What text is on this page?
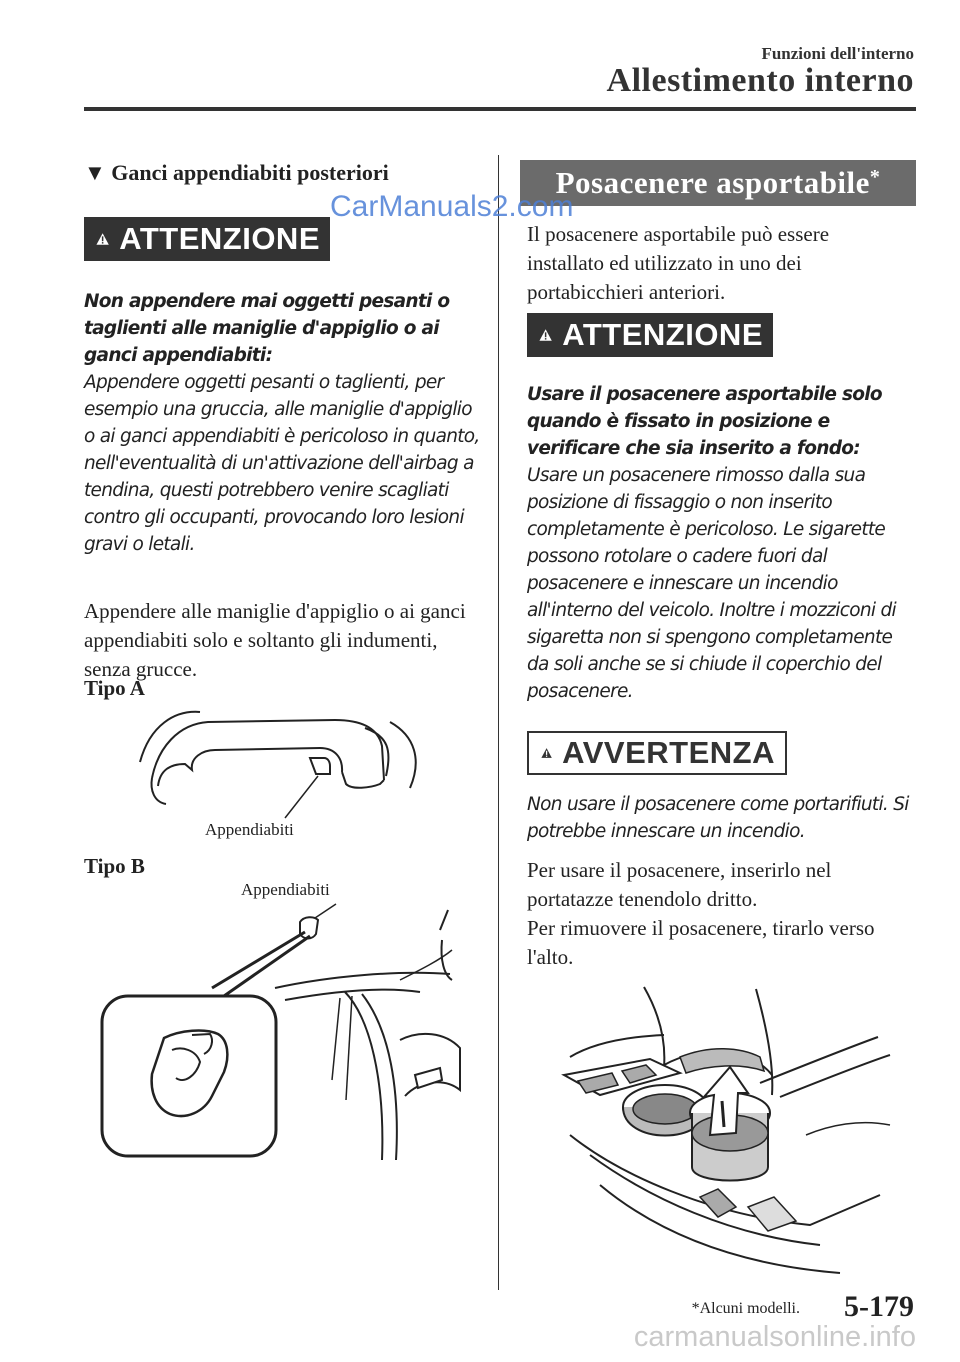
Funzioni dell'interno
Allestimento interno
▼ Ganci appendiabiti posteriori
ATTENZIONE

Non appendere mai oggetti pesanti o taglienti alle maniglie d'appiglio o ai ganci appendiabiti:

Appendere oggetti pesanti o taglienti, per esempio una gruccia, alle maniglie d'appiglio o ai ganci appendiabiti è pericoloso in quanto, nell'eventualità di un'attivazione dell'airbag a tendina, questi potrebbero venire scagliati contro gli occupanti, provocando loro lesioni gravi o letali.

Appendere alle maniglie d'appiglio o ai ganci appendiabiti solo e soltanto gli indumenti, senza grucce.
Tipo A
Appendiabiti
Tipo B
Appendiabiti
Posacenere asportabile*
Il posacenere asportabile può essere installato ed utilizzato in uno dei portabicchieri anteriori.
ATTENZIONE

Usare il posacenere asportabile solo quando è fissato in posizione e verificare che sia inserito a fondo:

Usare un posacenere rimosso dalla sua posizione di fissaggio o non inserito completamente è pericoloso. Le sigarette possono rotolare o cadere fuori dal posacenere e innescare un incendio all'interno del veicolo. Inoltre i mozziconi di sigaretta non si spengono completamente da soli anche se si chiude il coperchio del posacenere.

AVVERTENZA
Non usare il posacenere come portarifiuti. Si potrebbe innescare un incendio.

Per usare il posacenere, inserirlo nel portatazze tenendolo dritto.

Per rimuovere il posacenere, tirarlo verso l'alto.

*Alcuni modelli. 5-179
CarManuals2.com
carmanualsonline.info
